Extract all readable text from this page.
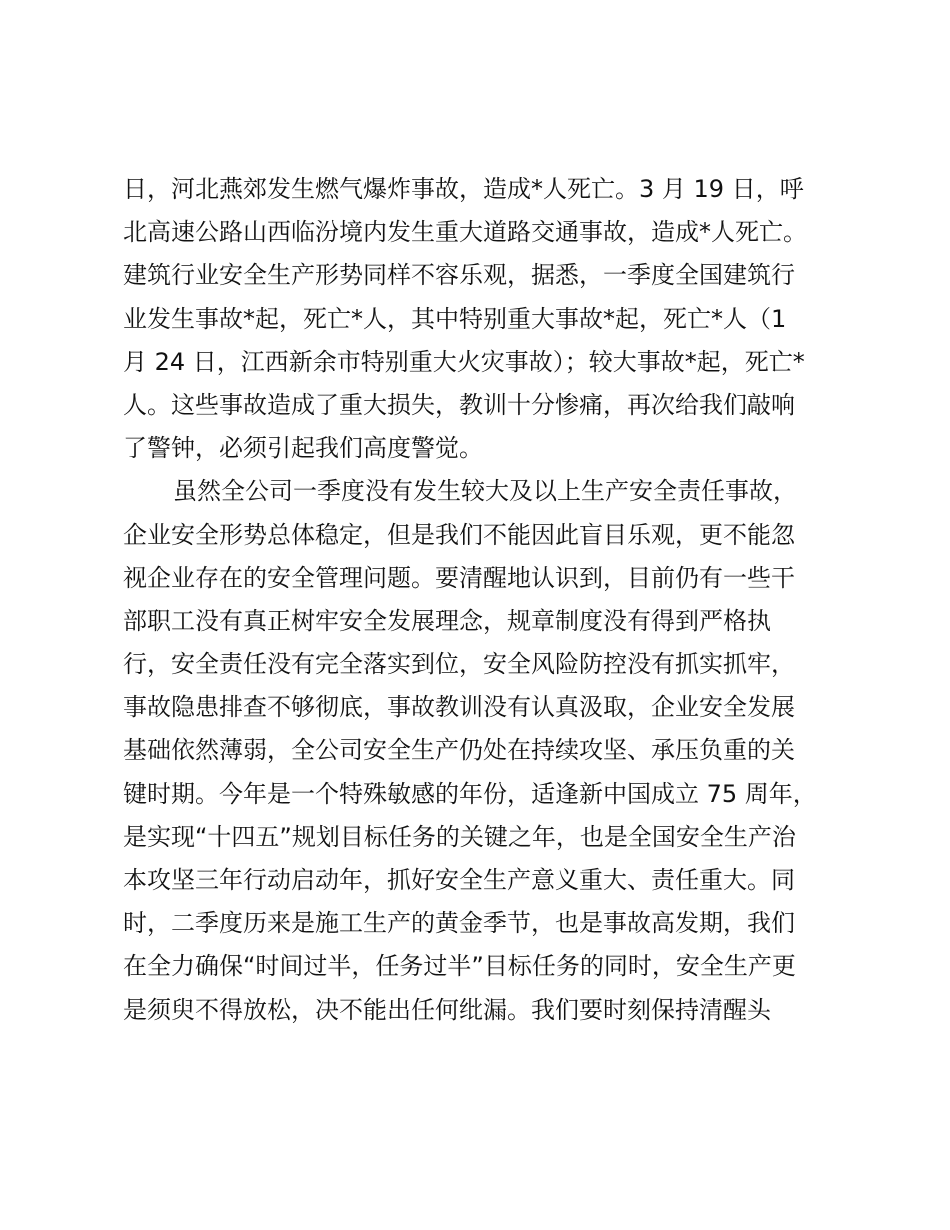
日，河北燕郊发生燃气爆炸事故，造成*人死亡。3 月 19 日，呼
北高速公路山西临汾境内发生重大道路交通事故，造成*人死亡。
建筑行业安全生产形势同样不容乐观，据悉，一季度全国建筑行
业发生事故*起，死亡*人，其中特别重大事故*起，死亡*人（1
月 24 日，江西新余市特别重大火灾事故）；较大事故*起，死亡*
人。这些事故造成了重大损失，教训十分惨痛，再次给我们敲响
了警钟，必须引起我们高度警觉。
虽然全公司一季度没有发生较大及以上生产安全责任事故，
企业安全形势总体稳定，但是我们不能因此盲目乐观，更不能忽
视企业存在的安全管理问题。要清醒地认识到，目前仍有一些干
部职工没有真正树牢安全发展理念，规章制度没有得到严格执
行，安全责任没有完全落实到位，安全风险防控没有抓实抓牢，
事故隐患排查不够彻底，事故教训没有认真汲取，企业安全发展
基础依然薄弱，全公司安全生产仍处在持续攻坚、承压负重的关
键时期。今年是一个特殊敏感的年份，适逢新中国成立 75 周年，
是实现“十四五”规划目标任务的关键之年，也是全国安全生产治
本攻坚三年行动启动年，抓好安全生产意义重大、责任重大。同
时，二季度历来是施工生产的黄金季节，也是事故高发期，我们
在全力确保“时间过半，任务过半”目标任务的同时，安全生产更
是须臾不得放松，决不能出任何纰漏。我们要时刻保持清醒头
